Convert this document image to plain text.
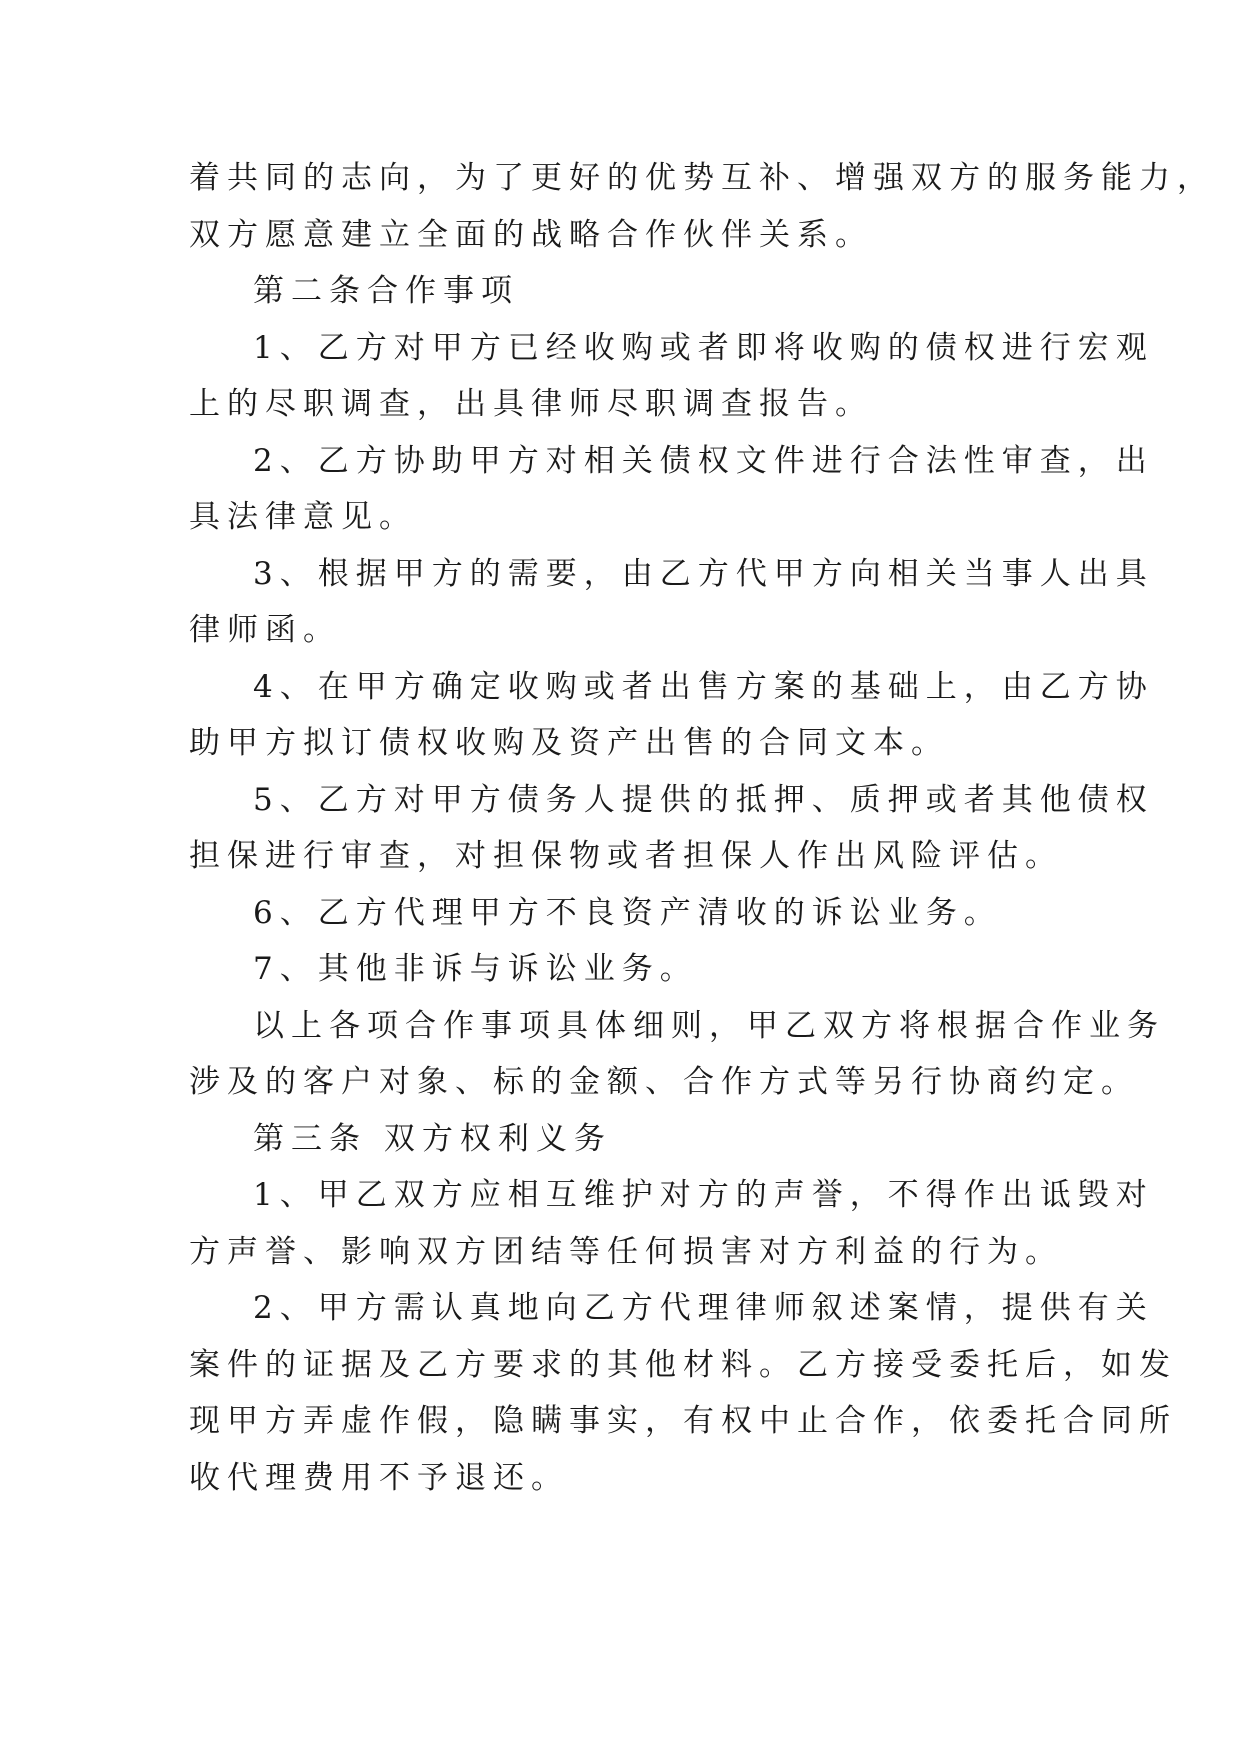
着共同的志向，为了更好的优势互补、增强双方的服务能力，
双方愿意建立全面的战略合作伙伴关系。
第二条合作事项
1、乙方对甲方已经收购或者即将收购的债权进行宏观
上的尽职调查，出具律师尽职调查报告。
2、乙方协助甲方对相关债权文件进行合法性审查，出
具法律意见。
3、根据甲方的需要，由乙方代甲方向相关当事人出具
律师函。
4、在甲方确定收购或者出售方案的基础上，由乙方协
助甲方拟订债权收购及资产出售的合同文本。
5、乙方对甲方债务人提供的抵押、质押或者其他债权
担保进行审查，对担保物或者担保人作出风险评估。
6、乙方代理甲方不良资产清收的诉讼业务。
7、其他非诉与诉讼业务。
以上各项合作事项具体细则，甲乙双方将根据合作业务
涉及的客户对象、标的金额、合作方式等另行协商约定。
第三条 双方权利义务
1、甲乙双方应相互维护对方的声誉，不得作出诋毁对
方声誉、影响双方团结等任何损害对方利益的行为。
2、甲方需认真地向乙方代理律师叙述案情，提供有关
案件的证据及乙方要求的其他材料。乙方接受委托后，如发
现甲方弄虚作假，隐瞒事实，有权中止合作，依委托合同所
收代理费用不予退还。
